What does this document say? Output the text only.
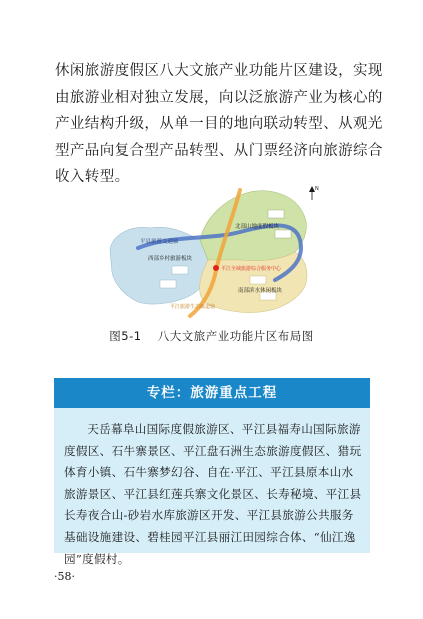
休闲旅游度假区八大文旅产业功能片区建设，实现由旅游业相对独立发展，向以泛旅游产业为核心的产业结构升级，从单一目的地向联动转型、从观光型产品向复合型产品转型、从门票经济向旅游综合收入转型。

平县旅游交通轴
西部乡村旅游板块
北部山地度假板块
南部滨水休闲板块
平江全域旅游综合服务中心
平江旅游生态廊道轴
N
图5-1 八大文旅产业功能片区布局图
专栏：旅游重点工程

天岳幕阜山国际度假旅游区、平江县福寿山国际旅游度假区、石牛寨景区、平江盘石洲生态旅游度假区、猎玩体育小镇、石牛寨梦幻谷、自在·平江、平江县原本山水旅游景区、平江县红莲兵寨文化景区、长寿秘境、平江县长寿夜合山-砂岩水库旅游区开发、平江县旅游公共服务基础设施建设、碧桂园平江县丽江田园综合体、“仙江逸园”度假村。

·58·
